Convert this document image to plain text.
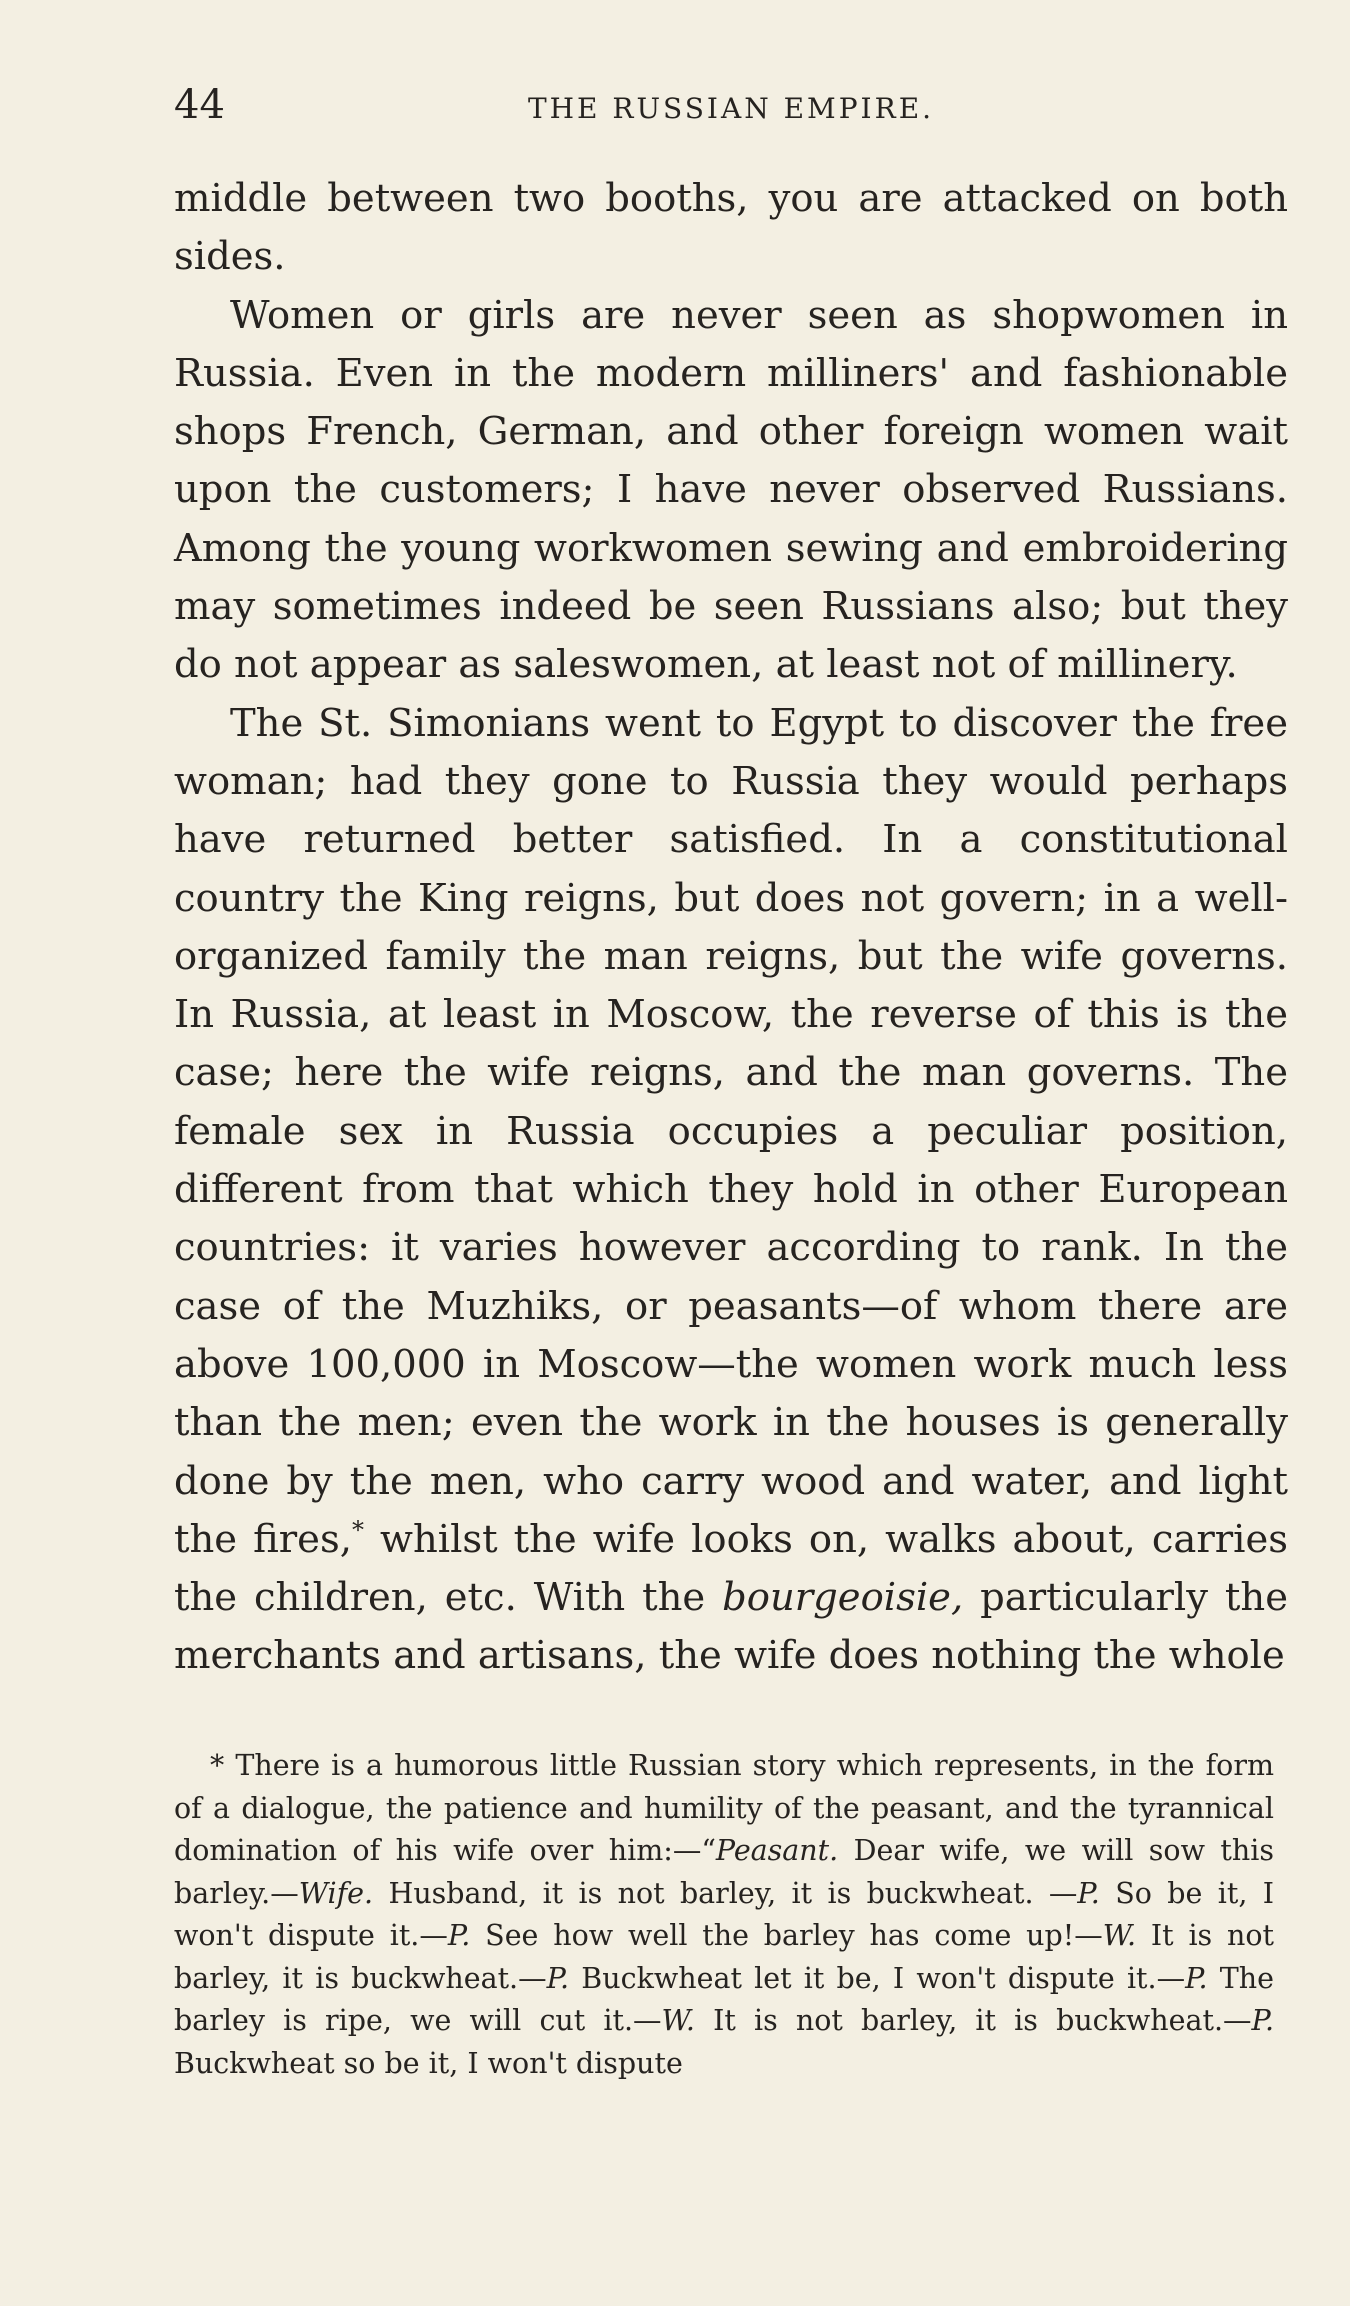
44	THE RUSSIAN EMPIRE.

middle between two booths, you are attacked on both sides.

Women or girls are never seen as shopwomen in Russia. Even in the modern milliners' and fashionable shops French, German, and other foreign women wait upon the customers; I have never observed Russians. Among the young workwomen sewing and embroidering may sometimes indeed be seen Russians also; but they do not appear as saleswomen, at least not of millinery.

The St. Simonians went to Egypt to discover the free woman; had they gone to Russia they would perhaps have returned better satisfied. In a constitutional country the King reigns, but does not govern; in a well-organized family the man reigns, but the wife governs. In Russia, at least in Moscow, the reverse of this is the case; here the wife reigns, and the man governs. The female sex in Russia occupies a peculiar position, different from that which they hold in other European countries: it varies however according to rank. In the case of the Muzhiks, or peasants—of whom there are above 100,000 in Moscow—the women work much less than the men; even the work in the houses is generally done by the men, who carry wood and water, and light the fires,* whilst the wife looks on, walks about, carries the children, etc. With the bourgeoisie, particularly the merchants and artisans, the wife does nothing the whole

* There is a humorous little Russian story which represents, in the form of a dialogue, the patience and humility of the peasant, and the tyrannical domination of his wife over him:—“Peasant. Dear wife, we will sow this barley.—Wife. Husband, it is not barley, it is buckwheat. —P. So be it, I won't dispute it.—P. See how well the barley has come up!—W. It is not barley, it is buckwheat.—P. Buckwheat let it be, I won't dispute it.—P. The barley is ripe, we will cut it.—W. It is not barley, it is buckwheat.—P. Buckwheat so be it, I won't dispute
